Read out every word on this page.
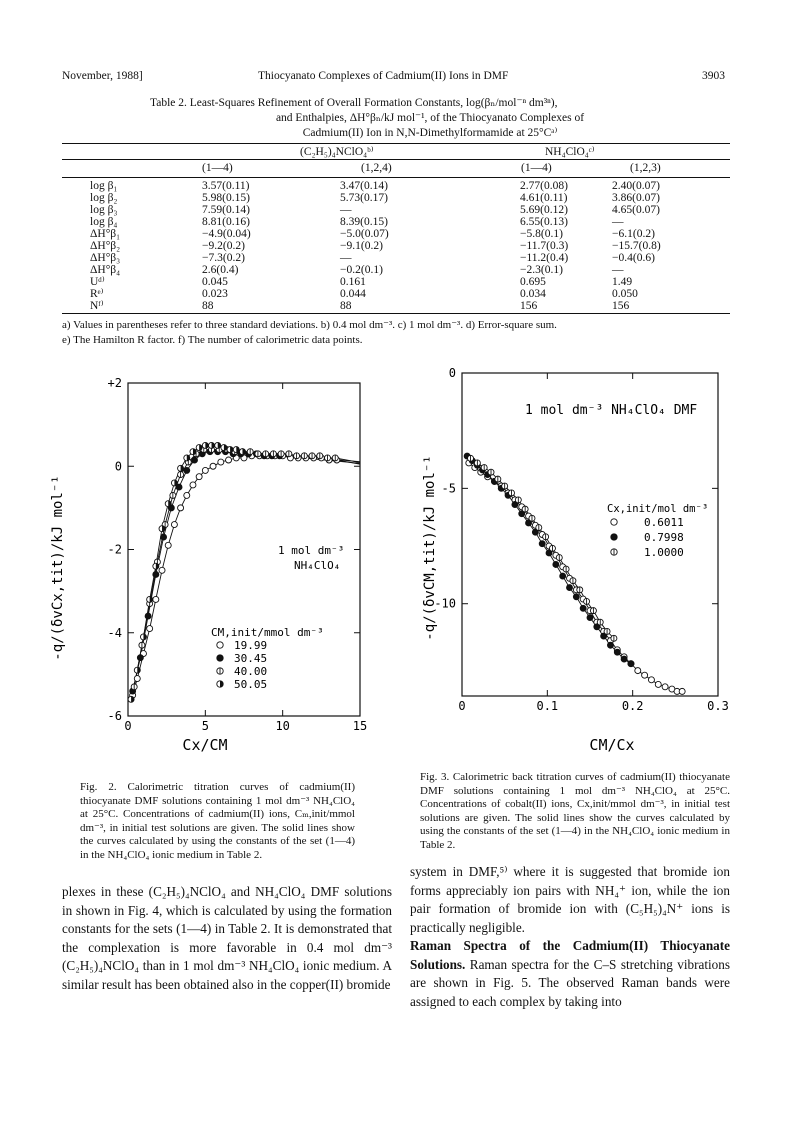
November, 1988]	Thiocyanato Complexes of Cadmium(II) Ions in DMF	3903
Table 2. Least-Squares Refinement of Overall Formation Constants, log(βₙ/mol⁻ⁿ dm³ⁿ),
and Enthalpies, ΔH°βₙ/kJ mol⁻¹, of the Thiocyanato Complexes of
Cadmium(II) Ion in N,N-Dimethylformamide at 25°Cᵃ⁾
(C₂H₅)₄NClO₄ᵇ⁾	NH₄ClO₄ᶜ⁾
(1—4)	(1,2,4)	(1—4)	(1,2,3)
log β₁	3.57(0.11)	3.47(0.14)	2.77(0.08)	2.40(0.07)
log β₂	5.98(0.15)	5.73(0.17)	4.61(0.11)	3.86(0.07)
log β₃	7.59(0.14)	—	5.69(0.12)	4.65(0.07)
log β₄	8.81(0.16)	8.39(0.15)	6.55(0.13)	—
ΔH°β₁	−4.9(0.04)	−5.0(0.07)	−5.8(0.1)	−6.1(0.2)
ΔH°β₂	−9.2(0.2)	−9.1(0.2)	−11.7(0.3)	−15.7(0.8)
ΔH°β₃	−7.3(0.2)	—	−11.2(0.4)	−0.4(0.6)
ΔH°β₄	2.6(0.4)	−0.2(0.1)	−2.3(0.1)	—
Uᵈ⁾	0.045	0.161	0.695	1.49
Rᵉ⁾	0.023	0.044	0.034	0.050
Nᶠ⁾	88	88	156	156
a) Values in parentheses refer to three standard deviations. b) 0.4 mol dm⁻³. c) 1 mol dm⁻³. d) Error-square sum.
e) The Hamilton R factor. f) The number of calorimetric data points.
0	5	10	15
+2
0
-2
-4
-6
Cx/CM
-q/(δvCx,tit)/kJ mol⁻¹	1 mol dm⁻³
NH₄ClO₄
CM,init/mmol dm⁻³
19.99
30.45
40.00
50.05
0	0.1	0.2	0.3
0
-5
-10
CM/Cx
-q/(δvCM,tit)/kJ mol⁻¹
1 mol dm⁻³ NH₄ClO₄ DMF
Cx,init/mol dm⁻³
0.6011
0.7998
1.0000
Fig. 2. Calorimetric titration curves of cadmium(II) thiocyanate DMF solutions containing 1 mol dm⁻³ NH₄ClO₄ at 25°C. Concentrations of cadmium(II) ions, Cₘ,init/mmol dm⁻³, in initial test solutions are given. The solid lines show the curves calculated by using the constants of the set (1—4) in the NH₄ClO₄ ionic medium in Table 2.
Fig. 3. Calorimetric back titration curves of cadmium(II) thiocyanate DMF solutions containing 1 mol dm⁻³ NH₄ClO₄ at 25°C. Concentrations of cobalt(II) ions, Cx,init/mmol dm⁻³, in initial test solutions are given. The solid lines show the curves calculated by using the constants of the set (1—4) in the NH₄ClO₄ ionic medium in Table 2.

plexes in these (C₂H₅)₄NClO₄ and NH₄ClO₄ DMF solutions in shown in Fig. 4, which is calculated by using the formation constants for the sets (1—4) in Table 2. It is demonstrated that the complexation is more favorable in 0.4 mol dm⁻³ (C₂H₅)₄NClO₄ than in 1 mol dm⁻³ NH₄ClO₄ ionic medium. A similar result has been obtained also in the copper(II) bromide

system in DMF,⁵⁾ where it is suggested that bromide ion forms appreciably ion pairs with NH₄⁺ ion, while the ion pair formation of bromide ion with (C₅H₅)₄N⁺ ions is practically negligible.

Raman Spectra of the Cadmium(II) Thiocyanate Solutions. Raman spectra for the C–S stretching vibrations are shown in Fig. 5. The observed Raman bands were assigned to each complex by taking into
